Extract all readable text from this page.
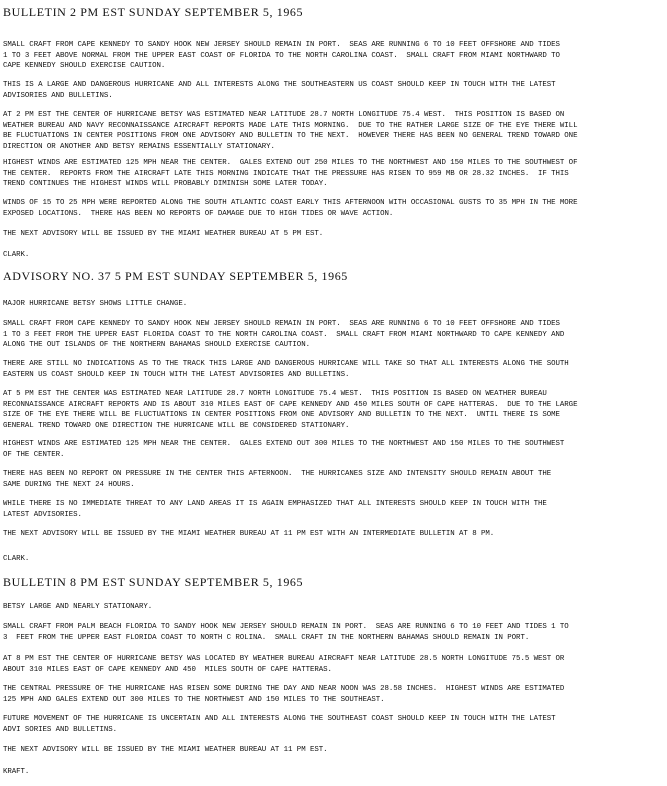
BULLETIN 2 PM EST SUNDAY SEPTEMBER 5, 1965
SMALL CRAFT FROM CAPE KENNEDY TO SANDY HOOK NEW JERSEY SHOULD REMAIN IN PORT.  SEAS ARE RUNNING 6 TO 10 FEET OFFSHORE AND TIDES
1 TO 3 FEET ABOVE NORMAL FROM THE UPPER EAST COAST OF FLORIDA TO THE NORTH CAROLINA COAST.  SMALL CRAFT FROM MIAMI NORTHWARD TO
CAPE KENNEDY SHOULD EXERCISE CAUTION.
THIS IS A LARGE AND DANGEROUS HURRICANE AND ALL INTERESTS ALONG THE SOUTHEASTERN US COAST SHOULD KEEP IN TOUCH WITH THE LATEST
ADVISORIES AND BULLETINS.
AT 2 PM EST THE CENTER OF HURRICANE BETSY WAS ESTIMATED NEAR LATITUDE 28.7 NORTH LONGITUDE 75.4 WEST.  THIS POSITION IS BASED ON
WEATHER BUREAU AND NAVY RECONNAISSANCE AIRCRAFT REPORTS MADE LATE THIS MORNING.  DUE TO THE RATHER LARGE SIZE OF THE EYE THERE WILL
BE FLUCTUATIONS IN CENTER POSITIONS FROM ONE ADVISORY AND BULLETIN TO THE NEXT.  HOWEVER THERE HAS BEEN NO GENERAL TREND TOWARD ONE
DIRECTION OR ANOTHER AND BETSY REMAINS ESSENTIALLY STATIONARY.
HIGHEST WINDS ARE ESTIMATED 125 MPH NEAR THE CENTER.  GALES EXTEND OUT 250 MILES TO THE NORTHWEST AND 150 MILES TO THE SOUTHWEST OF
THE CENTER.  REPORTS FROM THE AIRCRAFT LATE THIS MORNING INDICATE THAT THE PRESSURE HAS RISEN TO 959 MB OR 28.32 INCHES.  IF THIS
TREND CONTINUES THE HIGHEST WINDS WILL PROBABLY DIMINISH SOME LATER TODAY.
WINDS OF 15 TO 25 MPH WERE REPORTED ALONG THE SOUTH ATLANTIC COAST EARLY THIS AFTERNOON WITH OCCASIONAL GUSTS TO 35 MPH IN THE MORE
EXPOSED LOCATIONS.  THERE HAS BEEN NO REPORTS OF DAMAGE DUE TO HIGH TIDES OR WAVE ACTION.
THE NEXT ADVISORY WILL BE ISSUED BY THE MIAMI WEATHER BUREAU AT 5 PM EST.
CLARK.
ADVISORY NO. 37 5 PM EST SUNDAY SEPTEMBER 5, 1965
MAJOR HURRICANE BETSY SHOWS LITTLE CHANGE.
SMALL CRAFT FROM CAPE KENNEDY TO SANDY HOOK NEW JERSEY SHOULD REMAIN IN PORT.  SEAS ARE RUNNING 6 TO 10 FEET OFFSHORE AND TIDES
1 TO 3 FEET FROM THE UPPER EAST FLORIDA COAST TO THE NORTH CAROLINA COAST.  SMALL CRAFT FROM MIAMI NORTHWARD TO CAPE KENNEDY AND
ALONG THE OUT ISLANDS OF THE NORTHERN BAHAMAS SHOULD EXERCISE CAUTION.
THERE ARE STILL NO INDICATIONS AS TO THE TRACK THIS LARGE AND DANGEROUS HURRICANE WILL TAKE SO THAT ALL INTERESTS ALONG THE SOUTH
EASTERN US COAST SHOULD KEEP IN TOUCH WITH THE LATEST ADVISORIES AND BULLETINS.
AT 5 PM EST THE CENTER WAS ESTIMATED NEAR LATITUDE 28.7 NORTH LONGITUDE 75.4 WEST.  THIS POSITION IS BASED ON WEATHER BUREAU
RECONNAISSANCE AIRCRAFT REPORTS AND IS ABOUT 310 MILES EAST OF CAPE KENNEDY AND 450 MILES SOUTH OF CAPE HATTERAS.  DUE TO THE LARGE
SIZE OF THE EYE THERE WILL BE FLUCTUATIONS IN CENTER POSITIONS FROM ONE ADVISORY AND BULLETIN TO THE NEXT.  UNTIL THERE IS SOME
GENERAL TREND TOWARD ONE DIRECTION THE HURRICANE WILL BE CONSIDERED STATIONARY.
HIGHEST WINDS ARE ESTIMATED 125 MPH NEAR THE CENTER.  GALES EXTEND OUT 300 MILES TO THE NORTHWEST AND 150 MILES TO THE SOUTHWEST
OF THE CENTER.
THERE HAS BEEN NO REPORT ON PRESSURE IN THE CENTER THIS AFTERNOON.  THE HURRICANES SIZE AND INTENSITY SHOULD REMAIN ABOUT THE
SAME DURING THE NEXT 24 HOURS.
WHILE THERE IS NO IMMEDIATE THREAT TO ANY LAND AREAS IT IS AGAIN EMPHASIZED THAT ALL INTERESTS SHOULD KEEP IN TOUCH WITH THE
LATEST ADVISORIES.
THE NEXT ADVISORY WILL BE ISSUED BY THE MIAMI WEATHER BUREAU AT 11 PM EST WITH AN INTERMEDIATE BULLETIN AT 8 PM.
CLARK.
BULLETIN 8 PM EST SUNDAY SEPTEMBER 5, 1965
BETSY LARGE AND NEARLY STATIONARY.
SMALL CRAFT FROM PALM BEACH FLORIDA TO SANDY HOOK NEW JERSEY SHOULD REMAIN IN PORT.  SEAS ARE RUNNING 6 TO 10 FEET AND TIDES 1 TO
3  FEET FROM THE UPPER EAST FLORIDA COAST TO NORTH C ROLINA.  SMALL CRAFT IN THE NORTHERN BAHAMAS SHOULD REMAIN IN PORT.
AT 8 PM EST THE CENTER OF HURRICANE BETSY WAS LOCATED BY WEATHER BUREAU AIRCRAFT NEAR LATITUDE 28.5 NORTH LONGITUDE 75.5 WEST OR
ABOUT 310 MILES EAST OF CAPE KENNEDY AND 450  MILES SOUTH OF CAPE HATTERAS.
THE CENTRAL PRESSURE OF THE HURRICANE HAS RISEN SOME DURING THE DAY AND NEAR NOON WAS 28.58 INCHES.  HIGHEST WINDS ARE ESTIMATED
125 MPH AND GALES EXTEND OUT 300 MILES TO THE NORTHWEST AND 150 MILES TO THE SOUTHEAST.
FUTURE MOVEMENT OF THE HURRICANE IS UNCERTAIN AND ALL INTERESTS ALONG THE SOUTHEAST COAST SHOULD KEEP IN TOUCH WITH THE LATEST
ADVI SORIES AND BULLETINS.
THE NEXT ADVISORY WILL BE ISSUED BY THE MIAMI WEATHER BUREAU AT 11 PM EST.
KRAFT.
